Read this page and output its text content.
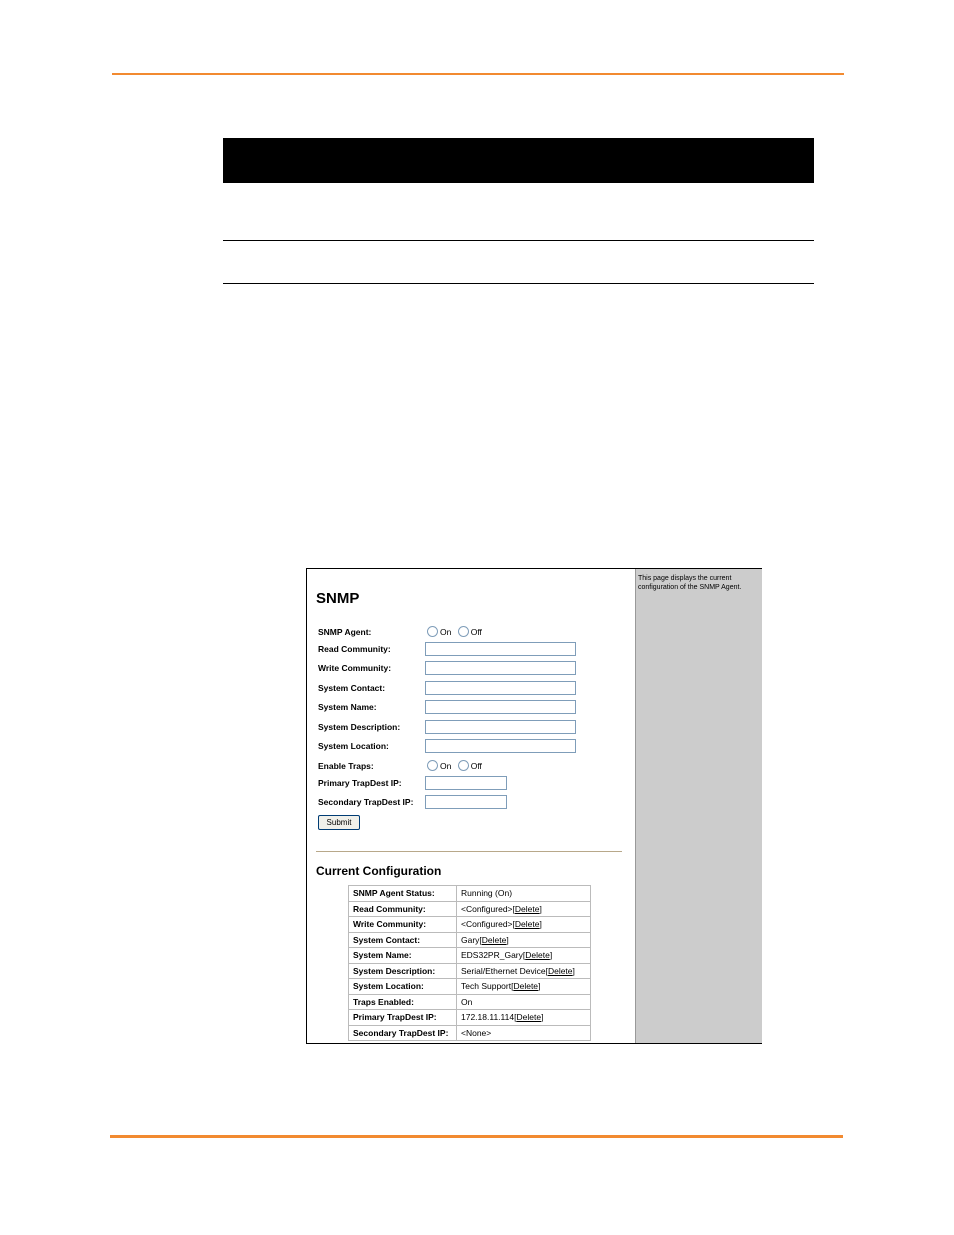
SNMP
SNMP Agent:	On Off
Read Community:
Write Community:
System Contact:
System Name:
System Description:
System Location:
Enable Traps:	On Off
Primary TrapDest IP:
Secondary TrapDest IP:
Submit
Current Configuration
SNMP Agent Status:	Running (On)
Read Community:	<Configured>[Delete]
Write Community:	<Configured>[Delete]
System Contact:	Gary[Delete]
System Name:	EDS32PR_Gary[Delete]
System Description:	Serial/Ethernet Device[Delete]
System Location:	Tech Support[Delete]
Traps Enabled:	On
Primary TrapDest IP:	172.18.11.114[Delete]
Secondary TrapDest IP:	<None>
This page displays the current configuration of the SNMP Agent.
